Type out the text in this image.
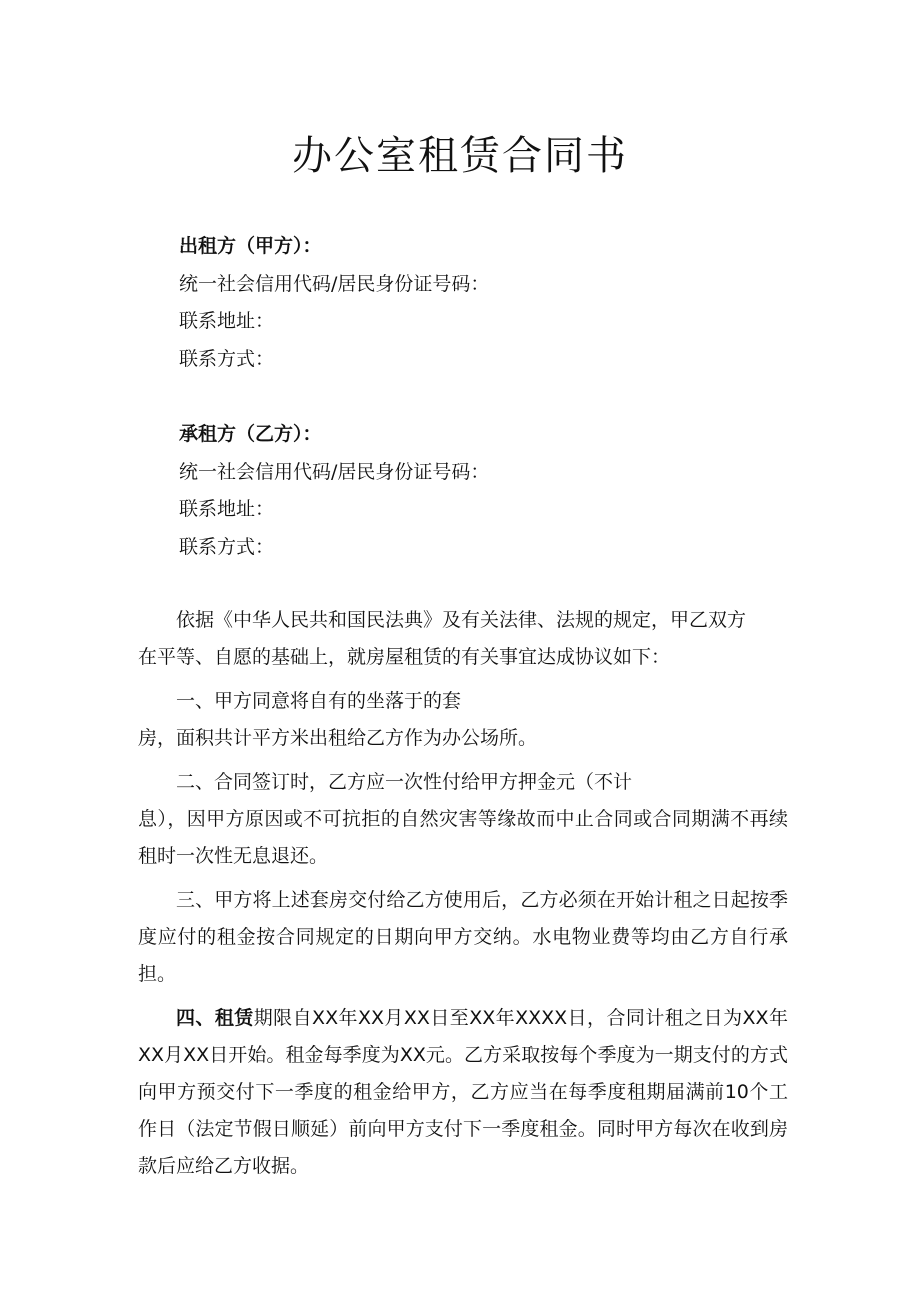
办公室租赁合同书
出租方（甲方）：
统一社会信用代码/居民身份证号码：
联系地址：
联系方式：
承租方（乙方）：
统一社会信用代码/居民身份证号码：
联系地址：
联系方式：

依据《中华人民共和国民法典》及有关法律、法规的规定，甲乙双方
在平等、自愿的基础上，就房屋租赁的有关事宜达成协议如下：

一、甲方同意将自有的坐落于的套
房，面积共计平方米出租给乙方作为办公场所。

二、合同签订时，乙方应一次性付给甲方押金元（不计
息），因甲方原因或不可抗拒的自然灾害等缘故而中止合同或合同期满不再续租时一次性无息退还。

三、甲方将上述套房交付给乙方使用后，乙方必须在开始计租之日起按季度应付的租金按合同规定的日期向甲方交纳。水电物业费等均由乙方自行承担。

四、租赁期限自XX年XX月XX日至XX年XXXX日，合同计租之日为XX年XX月XX日开始。租金每季度为XX元。乙方采取按每个季度为一期支付的方式向甲方预交付下一季度的租金给甲方，乙方应当在每季度租期届满前10个工作日（法定节假日顺延）前向甲方支付下一季度租金。同时甲方每次在收到房款后应给乙方收据。
